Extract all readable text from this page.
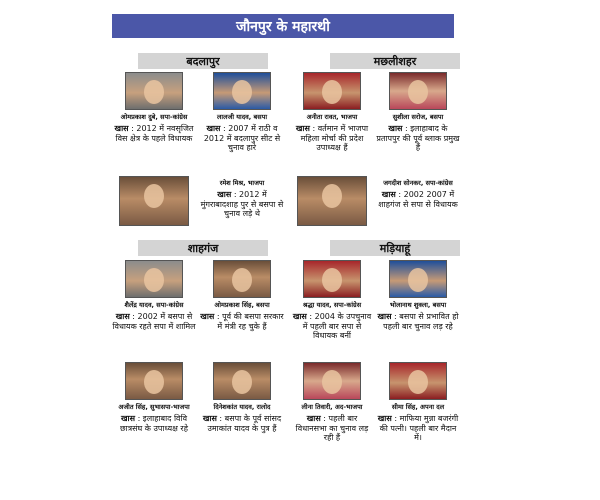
जौनपुर के महारथी
बदलापुर	मछलीशहर
शाहगंज	मड़ियाहूं
ओमप्रकाश दुबे, सपा-कांग्रेस
खास : 2012 में नवसृजित विस क्षेत्र के पहले विधायक
लालजी यादव, बसपा
खास : 2007 में राठी व 2012 में बदलापुर सीट से चुनाव हारे
रमेश मिश्र, भाजपा
खास : 2012 में मुंगराबादशाह पुर से बसपा से चुनाव लड़े थे
अनीता रावत, भाजपा
खास : वर्तमान में भाजपा महिला मोर्चा की प्रदेश उपाध्यक्ष हैं
सुशीला सरोज, बसपा
खास : इलाहाबाद के प्रतापपुर की पूर्व ब्लाक प्रमुख हैं
जगदीश सोनकर, सपा-कांग्रेस
खास : 2002 2007 में शाहगंज से सपा से विधायक
शैलेंद्र यादव, सपा-कांग्रेस
खास : 2002 में बसपा से विधायक रहते सपा में शामिल
ओमप्रकाश सिंह, बसपा
खास : पूर्व की बसपा सरकार में मंत्री रह चुके हैं
अजीत सिंह, सुभासपा-भाजपा
खास : इलाहाबाद विवि छात्रसंघ के उपाध्यक्ष रहे
दिनेशकांत यादव, रालोद
खास : बसपा के पूर्व सांसद उमाकांत यादव के पुत्र हैं
श्रद्धा यादव, सपा-कांग्रेस
खास : 2004 के उपचुनाव में पहली बार सपा से विधायक बनीं
भोलानाथ शुक्ला, बसपा
खास : बसपा से प्रभावित हो पहली बार चुनाव लड़ रहे
लीना तिवारी, अद-भाजपा
खास : पहली बार विधानसभा का चुनाव लड़ रही हैं
सीमा सिंह, अपना दल
खास : माफिया मुन्ना बजरंगी की पत्नी। पहली बार मैदान में।
